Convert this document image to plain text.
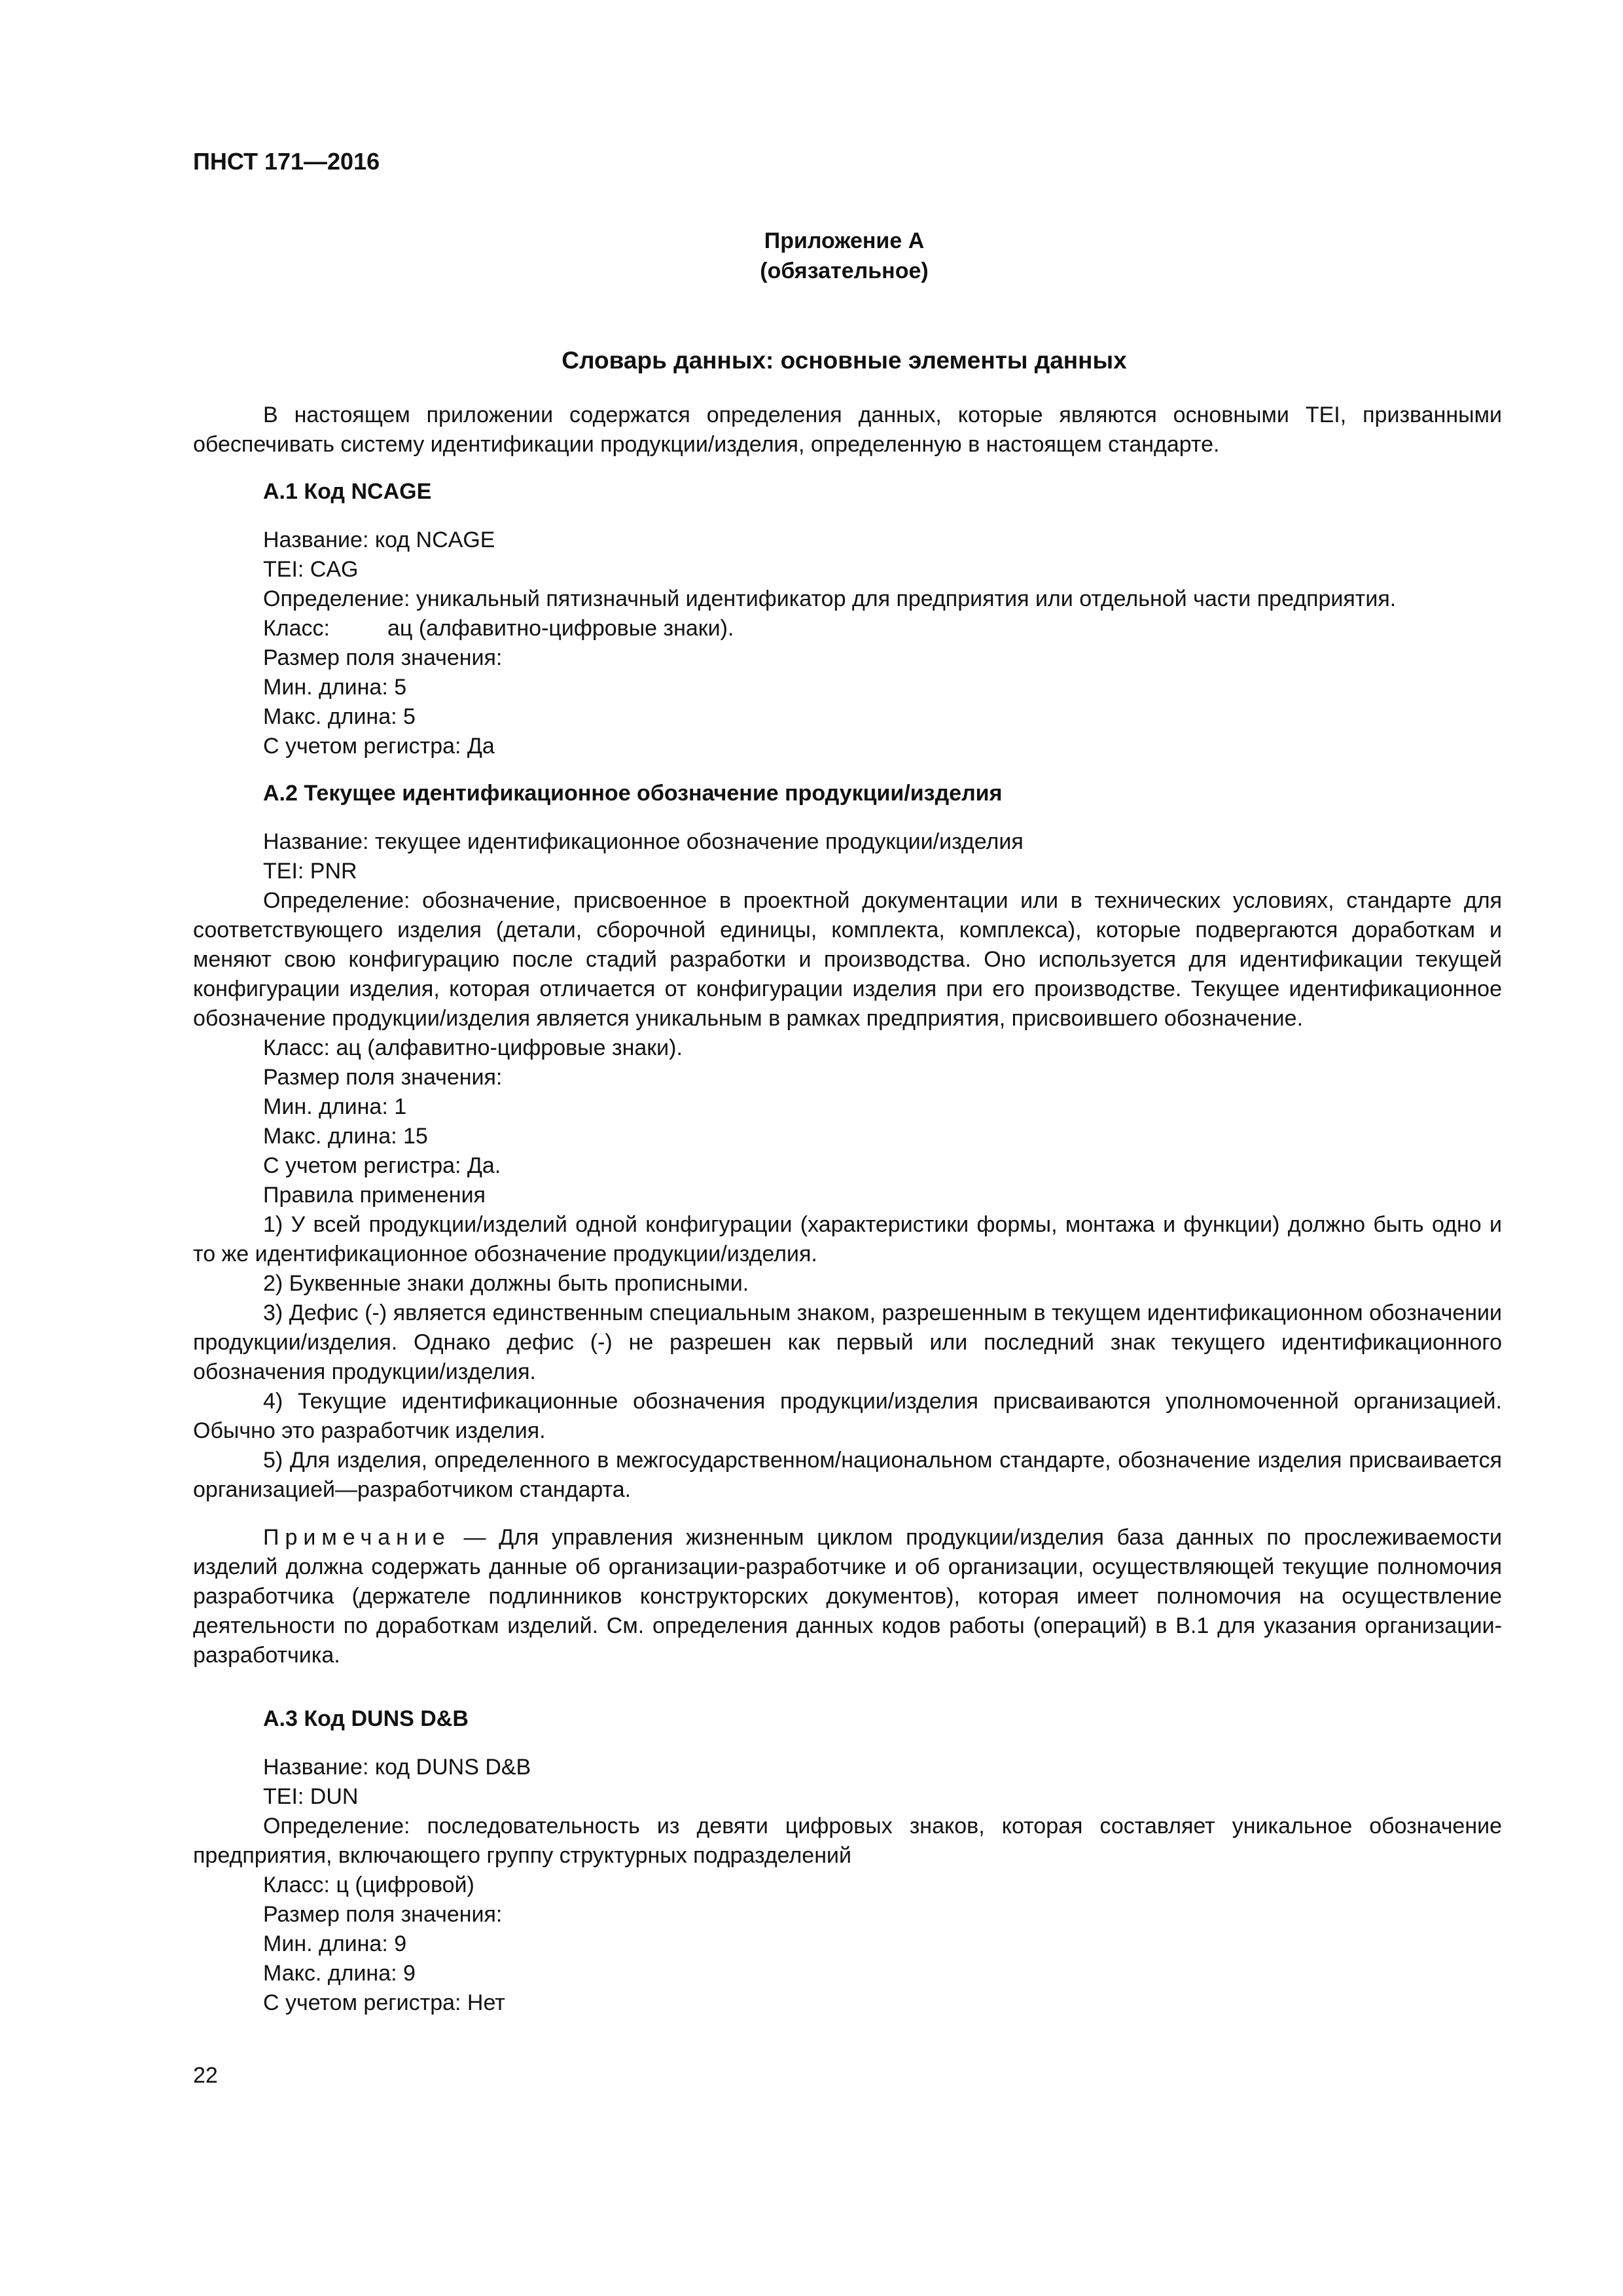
ПНСТ 171—2016
Приложение А
(обязательное)
Словарь данных: основные элементы данных

В настоящем приложении содержатся определения данных, которые являются основными TEI, призванными обеспечивать систему идентификации продукции/изделия, определенную в настоящем стандарте.

А.1 Код NCAGE

Название: код NCAGE

TEI: CAG

Определение: уникальный пятизначный идентификатор для предприятия или отдельной части предприятия.

Класс:	ац (алфавитно-цифровые знаки).

Размер поля значения:

Мин. длина: 5

Макс. длина: 5

С учетом регистра: Да

А.2 Текущее идентификационное обозначение продукции/изделия

Название: текущее идентификационное обозначение продукции/изделия

TEI: PNR

Определение: обозначение, присвоенное в проектной документации или в технических условиях, стандарте для соответствующего изделия (детали, сборочной единицы, комплекта, комплекса), которые подвергаются доработкам и меняют свою конфигурацию после стадий разработки и производства. Оно используется для идентификации текущей конфигурации изделия, которая отличается от конфигурации изделия при его производстве. Текущее идентификационное обозначение продукции/изделия является уникальным в рамках предприятия, присвоившего обозначение.

Класс: ац (алфавитно-цифровые знаки).

Размер поля значения:

Мин. длина: 1

Макс. длина: 15

С учетом регистра: Да.

Правила применения

1) У всей продукции/изделий одной конфигурации (характеристики формы, монтажа и функции) должно быть одно и то же идентификационное обозначение продукции/изделия.

2) Буквенные знаки должны быть прописными.

3) Дефис (-) является единственным специальным знаком, разрешенным в текущем идентификационном обозначении продукции/изделия. Однако дефис (-) не разрешен как первый или последний знак текущего идентификационного обозначения продукции/изделия.

4) Текущие идентификационные обозначения продукции/изделия присваиваются уполномоченной организацией. Обычно это разработчик изделия.

5) Для изделия, определенного в межгосударственном/национальном стандарте, обозначение изделия присваивается организацией—разработчиком стандарта.

Примечание — Для управления жизненным циклом продукции/изделия база данных по прослеживаемости изделий должна содержать данные об организации-разработчике и об организации, осуществляющей текущие полномочия разработчика (держателе подлинников конструкторских документов), которая имеет полномочия на осуществление деятельности по доработкам изделий. См. определения данных кодов работы (операций) в В.1 для указания организации-разработчика.

А.3 Код DUNS D&B

Название: код DUNS D&B

TEI: DUN

Определение: последовательность из девяти цифровых знаков, которая составляет уникальное обозначение предприятия, включающего группу структурных подразделений

Класс: ц (цифровой)

Размер поля значения:

Мин. длина: 9

Макс. длина: 9

С учетом регистра: Нет

22
